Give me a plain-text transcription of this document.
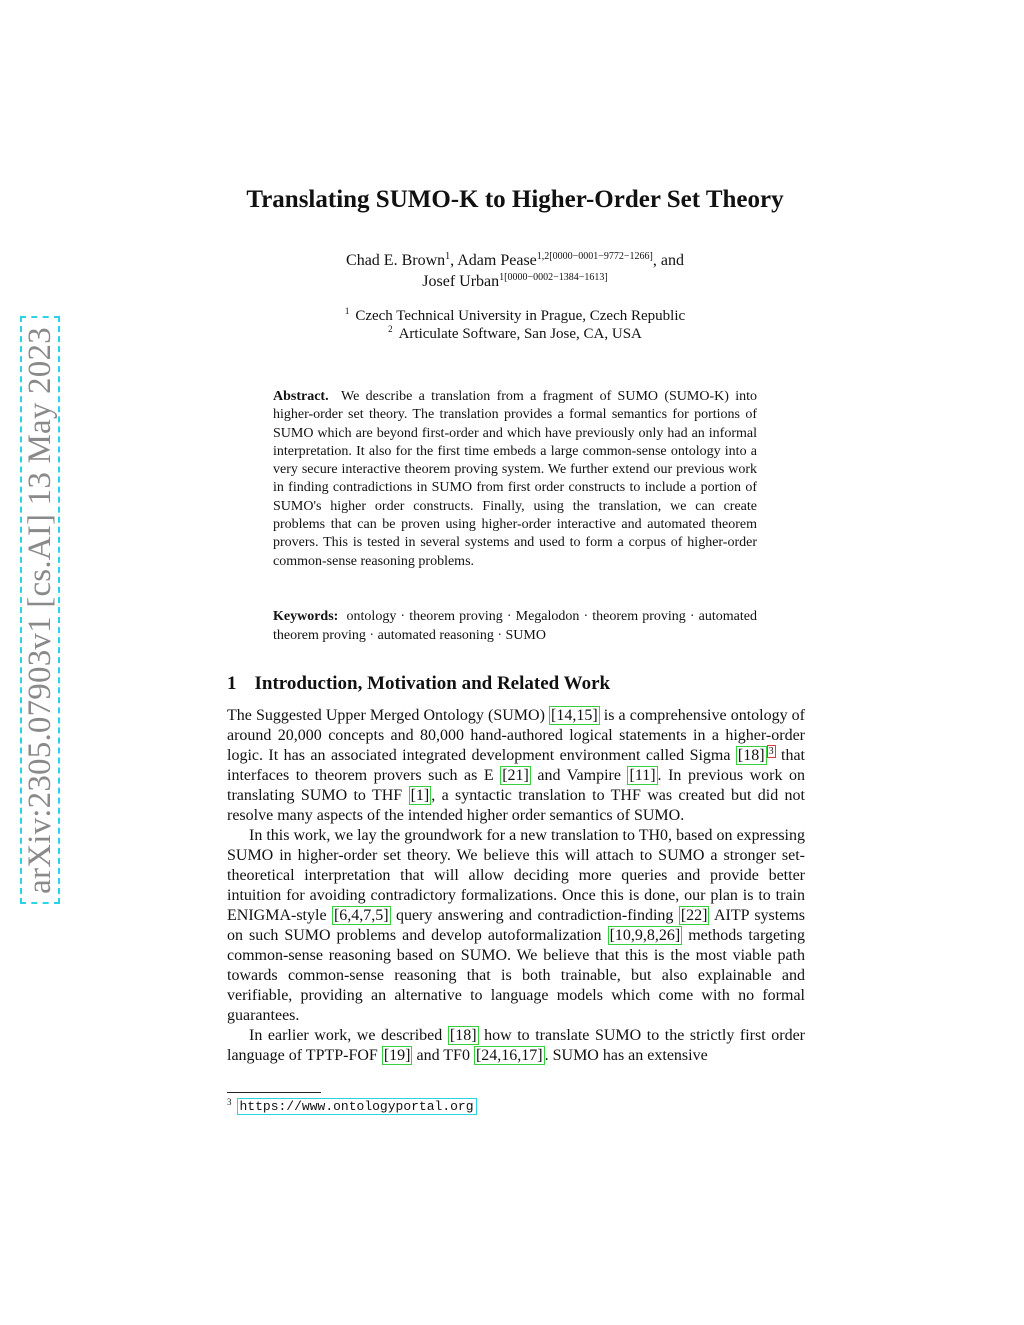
arXiv:2305.07903v1 [cs.AI] 13 May 2023
Translating SUMO-K to Higher-Order Set Theory
Chad E. Brown$^1$, Adam Pease$^{1,2[0000-0001-9772-1266]}$, and
Josef Urban$^{1[0000-0002-1384-1613]}$
$^1$ Czech Technical University in Prague, Czech Republic
$^2$ Articulate Software, San Jose, CA, USA

Abstract. We describe a translation from a fragment of SUMO (SUMO-K) into higher-order set theory. The translation provides a formal semantics for portions of SUMO which are beyond first-order and which have previously only had an informal interpretation. It also for the first time embeds a large common-sense ontology into a very secure interactive theorem proving system. We further extend our previous work in finding contradictions in SUMO from first order constructs to include a portion of SUMO's higher order constructs. Finally, using the translation, we can create problems that can be proven using higher-order interactive and automated theorem provers. This is tested in several systems and used to form a corpus of higher-order common-sense reasoning problems.

Keywords: ontology · theorem proving · Megalodon · theorem proving · automated theorem proving · automated reasoning · SUMO

1 Introduction, Motivation and Related Work

The Suggested Upper Merged Ontology (SUMO) [14,15] is a comprehensive ontology of around 20,000 concepts and 80,000 hand-authored logical statements in a higher-order logic. It has an associated integrated development environment called Sigma [18] $^3$ that interfaces to theorem provers such as E [21] and Vampire [11] . In previous work on translating SUMO to THF [1] , a syntactic translation to THF was created but did not resolve many aspects of the intended higher order semantics of SUMO.

In this work, we lay the groundwork for a new translation to TH0, based on expressing SUMO in higher-order set theory. We believe this will attach to SUMO a stronger set-theoretical interpretation that will allow deciding more queries and provide better intuition for avoiding contradictory formalizations. Once this is done, our plan is to train ENIGMA-style [6,4,7,5] query answering and contradiction-finding [22] AITP systems on such SUMO problems and develop autoformalization [10,9,8,26] methods targeting common-sense reasoning based on SUMO. We believe that this is the most viable path towards common-sense reasoning that is both trainable, but also explainable and verifiable, providing an alternative to language models which come with no formal guarantees.

In earlier work, we described [18] how to translate SUMO to the strictly first order language of TPTP-FOF [19] and TF0 [24,16,17] . SUMO has an extensive

$^3$ https://www.ontologyportal.org
